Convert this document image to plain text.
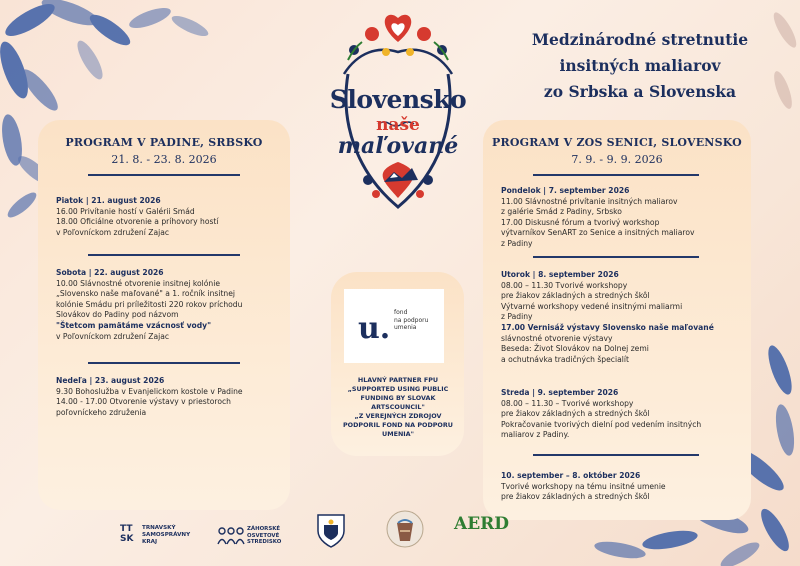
Medzinárodné stretnutie
insitných maliarov
zo Srbska a Slovenska
Slovensko
naše
maľované
PROGRAM V PADINE, SRBSKO
21. 8. - 23. 8. 2026
Piatok | 21. august 2026
16.00 Privítanie hostí v Galérii Smád
18.00 Oficiálne otvorenie a príhovory hostí
v Poľovníckom združení Zajac
Sobota | 22. august 2026
10.00 Slávnostné otvorenie insitnej kolónie
„Slovensko naše maľované" a 1. ročník insitnej
kolónie Smádu pri príležitosti 220 rokov príchodu
Slovákov do Padiny pod názvom
"Štetcom pamätáme vzácnosť vody"
v Poľovníckom združení Zajac
Nedeľa | 23. august 2026
9.30 Bohoslužba v Evanjelickom kostole v Padine
14.00 - 17.00 Otvorenie výstavy v priestoroch
poľovníckeho združenia
u. fond
na podporu
umenia
HLAVNÝ PARTNER FPU
„SUPPORTED USING PUBLIC
FUNDING BY SLOVAK
ARTSCOUNCIL"
„Z VEREJNÝCH ZDROJOV
PODPORIL FOND NA PODPORU
UMENIA"
PROGRAM V ZOS SENICI, SLOVENSKO
7. 9. - 9. 9. 2026
Pondelok | 7. september 2026
11.00 Slávnostné privítanie insitných maliarov
z galérie Smád z Padiny, Srbsko
17.00 Diskusné fórum a tvorivý workshop
výtvarníkov SenART zo Senice a insitných maliarov
z Padiny
Utorok | 8. september 2026
08.00 – 11.30 Tvorivé workshopy
pre žiakov základných a stredných škôl
Výtvarné workshopy vedené insitnými maliarmi
z Padiny
17.00 Vernisáž výstavy Slovensko naše maľované
slávnostné otvorenie výstavy
Beseda: Život Slovákov na Dolnej zemi
a ochutnávka tradičných špecialít
Streda | 9. september 2026
08.00 – 11.30 – Tvorivé workshopy
pre žiakov základných a stredných škôl
Pokračovanie tvorivých dielní pod vedením insitných
maliarov z Padiny.
10. september – 8. október 2026
Tvorivé workshopy na tému insitné umenie
pre žiakov základných a stredných škôl
TT
SK
TRNAVSKÝ
SAMOSPRÁVNY
KRAJ
ZÁHORSKÉ
OSVETOVÉ
STREDISKO
AERD
